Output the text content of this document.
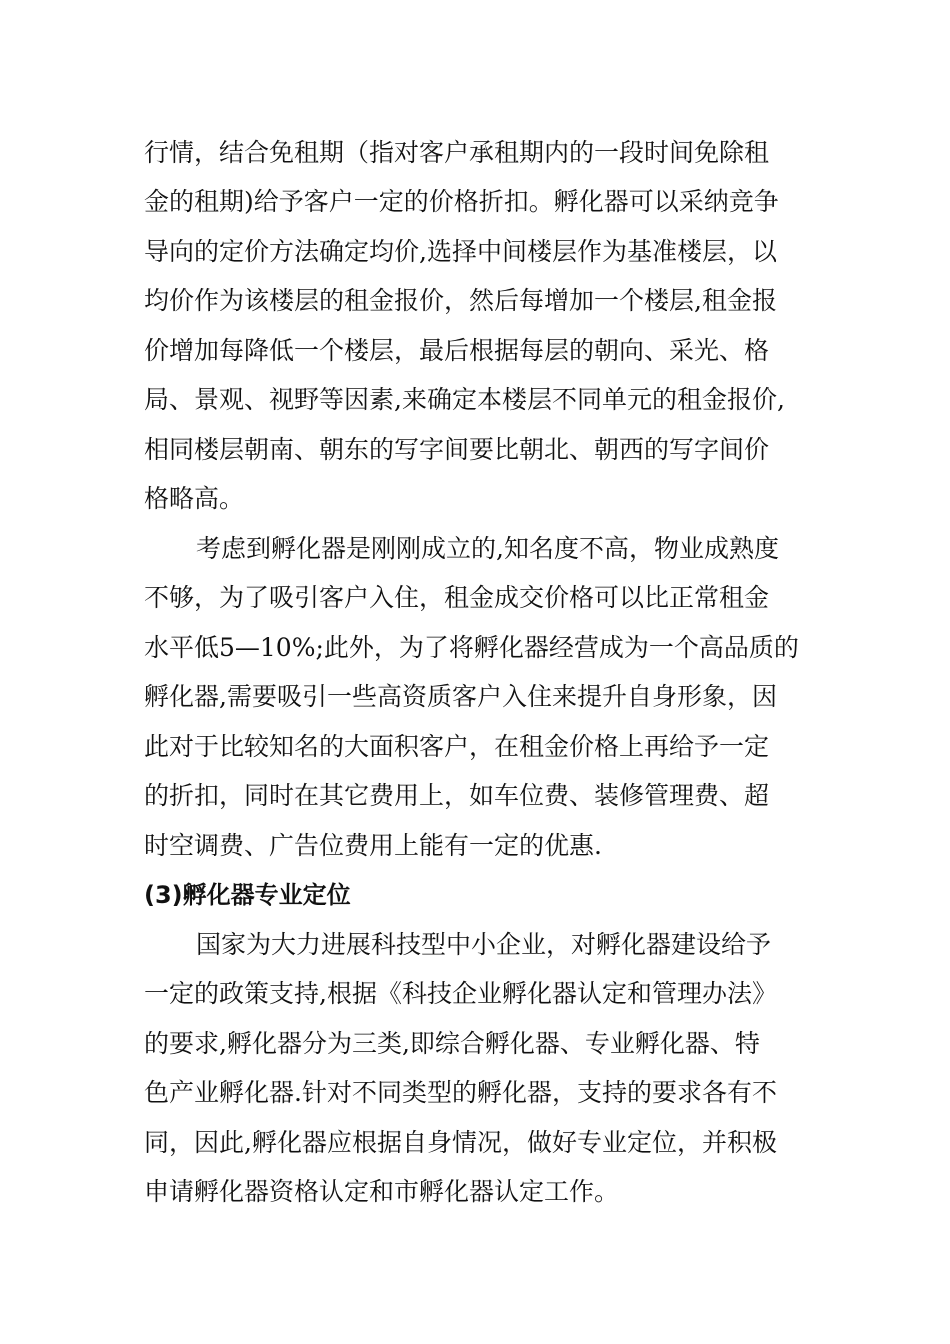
行情，结合免租期（指对客户承租期内的一段时间免除租
金的租期)给予客户一定的价格折扣。孵化器可以采纳竞争
导向的定价方法确定均价,选择中间楼层作为基准楼层，以
均价作为该楼层的租金报价，然后每增加一个楼层,租金报
价增加每降低一个楼层，最后根据每层的朝向、采光、格
局、景观、视野等因素,来确定本楼层不同单元的租金报价,
相同楼层朝南、朝东的写字间要比朝北、朝西的写字间价
格略高。
考虑到孵化器是刚刚成立的,知名度不高，物业成熟度
不够，为了吸引客户入住，租金成交价格可以比正常租金
水平低5—10%;此外，为了将孵化器经营成为一个高品质的
孵化器,需要吸引一些高资质客户入住来提升自身形象，因
此对于比较知名的大面积客户，在租金价格上再给予一定
的折扣，同时在其它费用上，如车位费、装修管理费、超
时空调费、广告位费用上能有一定的优惠.
(3)孵化器专业定位
国家为大力进展科技型中小企业，对孵化器建设给予
一定的政策支持,根据《科技企业孵化器认定和管理办法》
的要求,孵化器分为三类,即综合孵化器、专业孵化器、特
色产业孵化器.针对不同类型的孵化器，支持的要求各有不
同，因此,孵化器应根据自身情况，做好专业定位，并积极
申请孵化器资格认定和市孵化器认定工作。
